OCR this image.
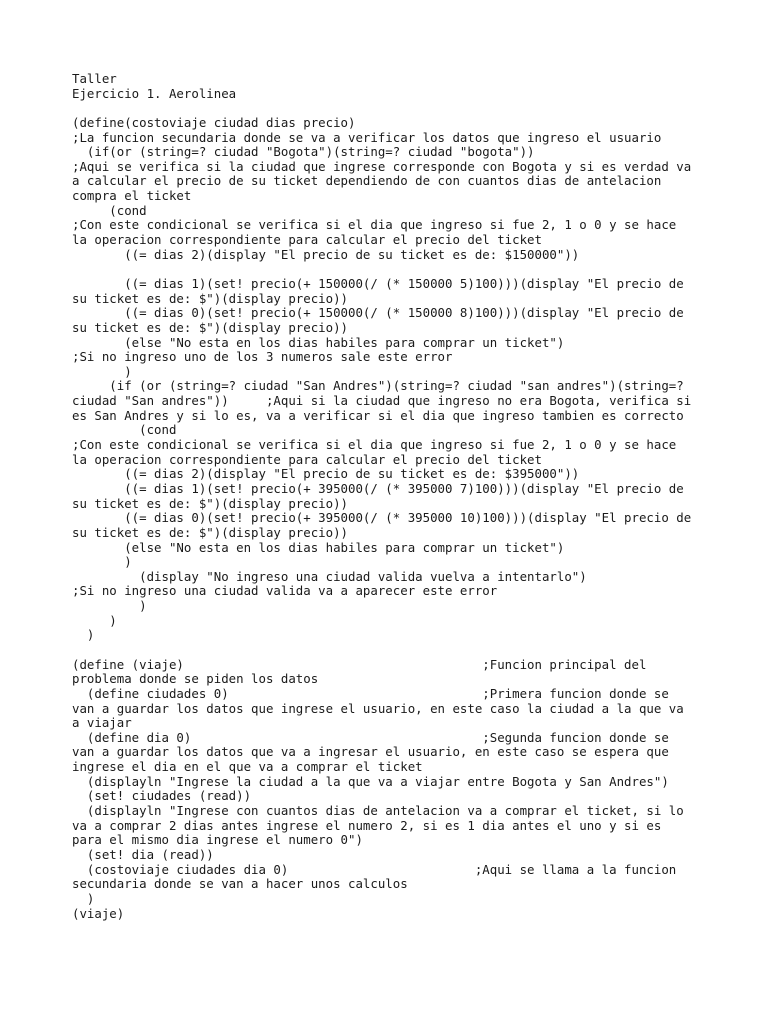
Taller
Ejercicio 1. Aerolinea
(define(costoviaje ciudad dias precio)
;La funcion secundaria donde se va a verificar los datos que ingreso el usuario
(if(or (string=? ciudad "Bogota")(string=? ciudad "bogota"))
;Aqui se verifica si la ciudad que ingrese corresponde con Bogota y si es verdad va
a calcular el precio de su ticket dependiendo de con cuantos dias de antelacion
compra el ticket
(cond
;Con este condicional se verifica si el dia que ingreso si fue 2, 1 o 0 y se hace
la operacion correspondiente para calcular el precio del ticket
((= dias 2)(display "El precio de su ticket es de: $150000"))
((= dias 1)(set! precio(+ 150000(/ (* 150000 5)100)))(display "El precio de
su ticket es de: $")(display precio))
((= dias 0)(set! precio(+ 150000(/ (* 150000 8)100)))(display "El precio de
su ticket es de: $")(display precio))
(else "No esta en los dias habiles para comprar un ticket")
;Si no ingreso uno de los 3 numeros sale este error
)
(if (or (string=? ciudad "San Andres")(string=? ciudad "san andres")(string=?
ciudad "San andres"))     ;Aqui si la ciudad que ingreso no era Bogota, verifica si
es San Andres y si lo es, va a verificar si el dia que ingreso tambien es correcto
(cond
;Con este condicional se verifica si el dia que ingreso si fue 2, 1 o 0 y se hace
la operacion correspondiente para calcular el precio del ticket
((= dias 2)(display "El precio de su ticket es de: $395000"))
((= dias 1)(set! precio(+ 395000(/ (* 395000 7)100)))(display "El precio de
su ticket es de: $")(display precio))
((= dias 0)(set! precio(+ 395000(/ (* 395000 10)100)))(display "El precio de
su ticket es de: $")(display precio))
(else "No esta en los dias habiles para comprar un ticket")
)
(display "No ingreso una ciudad valida vuelva a intentarlo")
;Si no ingreso una ciudad valida va a aparecer este error
)
)
)
(define (viaje)                                        ;Funcion principal del
problema donde se piden los datos
(define ciudades 0)                                  ;Primera funcion donde se
van a guardar los datos que ingrese el usuario, en este caso la ciudad a la que va
a viajar
(define dia 0)                                       ;Segunda funcion donde se
van a guardar los datos que va a ingresar el usuario, en este caso se espera que
ingrese el dia en el que va a comprar el ticket
(displayln "Ingrese la ciudad a la que va a viajar entre Bogota y San Andres")
(set! ciudades (read))
(displayln "Ingrese con cuantos dias de antelacion va a comprar el ticket, si lo
va a comprar 2 dias antes ingrese el numero 2, si es 1 dia antes el uno y si es
para el mismo dia ingrese el numero 0")
(set! dia (read))
(costoviaje ciudades dia 0)                         ;Aqui se llama a la funcion
secundaria donde se van a hacer unos calculos
)
(viaje)
